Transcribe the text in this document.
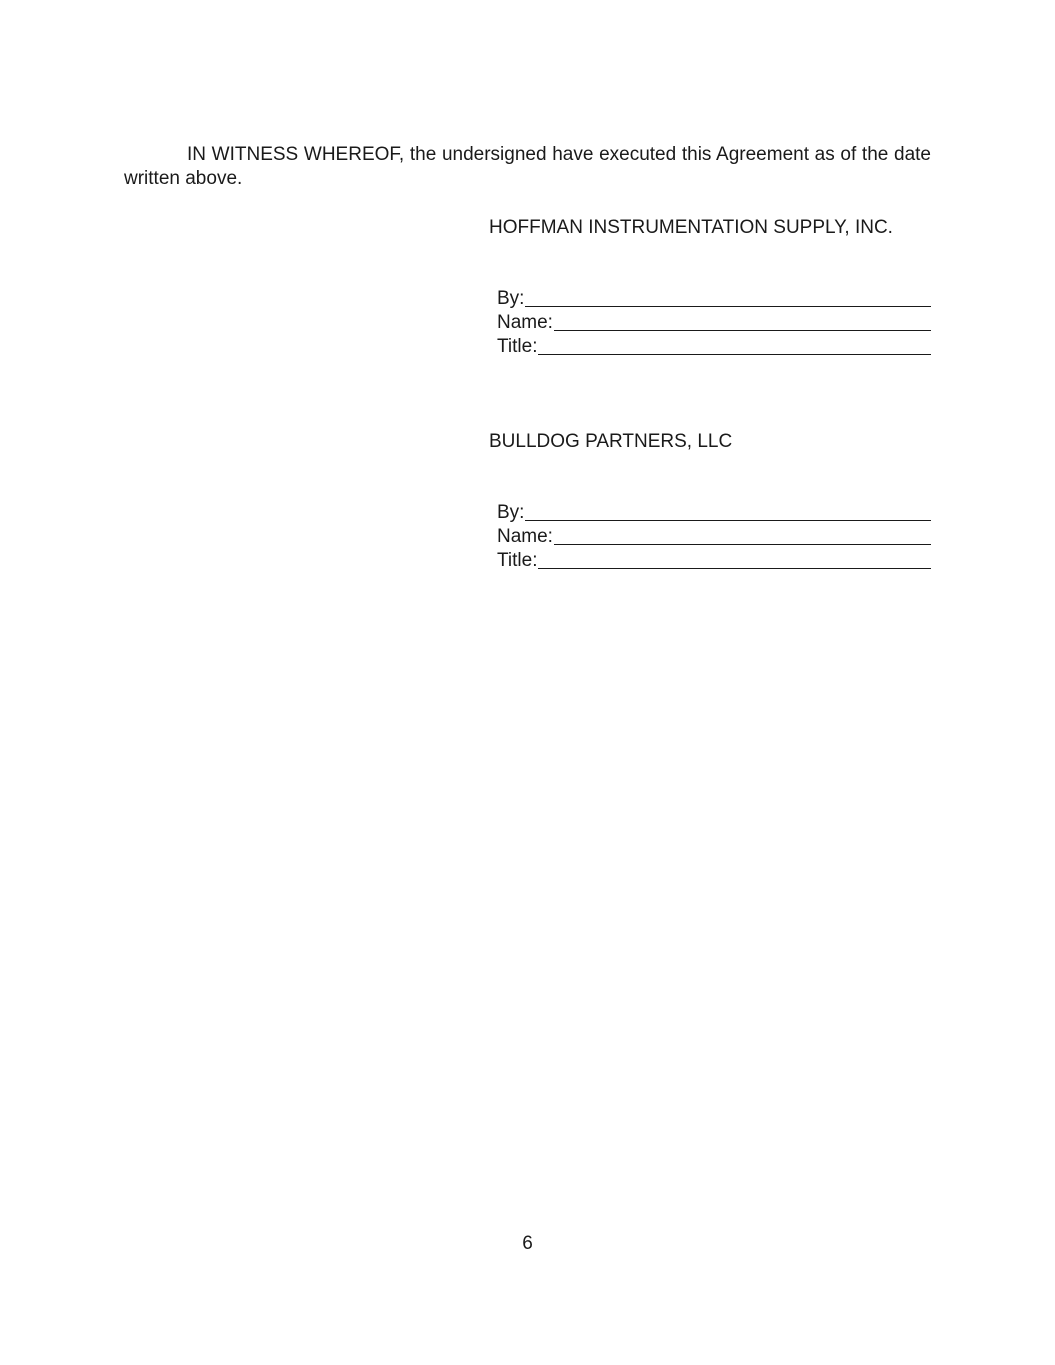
IN WITNESS WHEREOF, the undersigned have executed this Agreement as of the date written above.

HOFFMAN INSTRUMENTATION SUPPLY, INC.
By:
Name:
Title:
BULLDOG PARTNERS, LLC
By:
Name:
Title:
6
